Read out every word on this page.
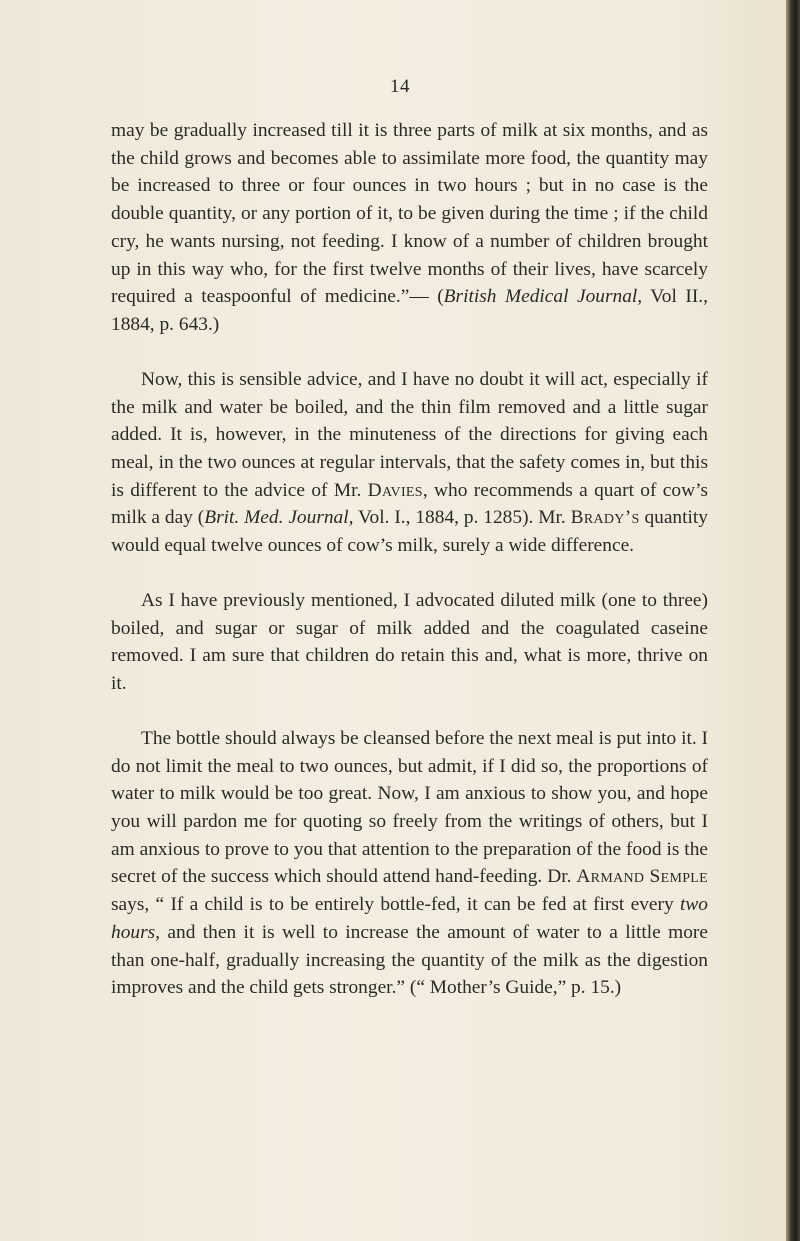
14

may be gradually increased till it is three parts of milk at six months, and as the child grows and becomes able to assimilate more food, the quantity may be increased to three or four ounces in two hours ; but in no case is the double quantity, or any portion of it, to be given during the time ; if the child cry, he wants nursing, not feeding. I know of a number of children brought up in this way who, for the first twelve months of their lives, have scarcely required a teaspoonful of medicine.”— (British Medical Journal, Vol II., 1884, p. 643.)

Now, this is sensible advice, and I have no doubt it will act, especially if the milk and water be boiled, and the thin film removed and a little sugar added. It is, however, in the minuteness of the directions for giving each meal, in the two ounces at regular intervals, that the safety comes in, but this is different to the advice of Mr. Davies, who recommends a quart of cow’s milk a day (Brit. Med. Journal, Vol. I., 1884, p. 1285). Mr. Brady’s quantity would equal twelve ounces of cow’s milk, surely a wide difference.

As I have previously mentioned, I advocated diluted milk (one to three) boiled, and sugar or sugar of milk added and the coagulated caseine removed. I am sure that children do retain this and, what is more, thrive on it.

The bottle should always be cleansed before the next meal is put into it. I do not limit the meal to two ounces, but admit, if I did so, the proportions of water to milk would be too great. Now, I am anxious to show you, and hope you will pardon me for quoting so freely from the writings of others, but I am anxious to prove to you that attention to the preparation of the food is the secret of the success which should attend hand-feeding. Dr. Armand Semple says, “ If a child is to be entirely bottle-fed, it can be fed at first every two hours, and then it is well to increase the amount of water to a little more than one-half, gradually increasing the quantity of the milk as the digestion improves and the child gets stronger.” (“ Mother’s Guide,” p. 15.)
